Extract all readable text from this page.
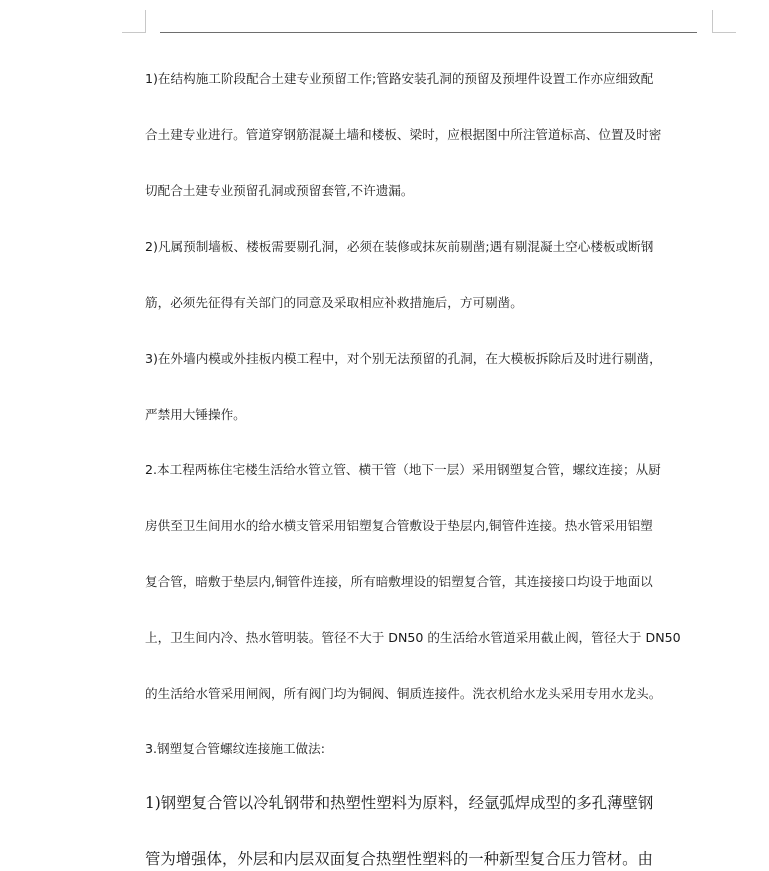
1)在结构施工阶段配合土建专业预留工作;管路安装孔洞的预留及预埋件设置工作亦应细致配
合土建专业进行。管道穿钢筋混凝土墙和楼板、梁时，应根据图中所注管道标高、位置及时密
切配合土建专业预留孔洞或预留套管,不许遗漏。
2)凡属预制墙板、楼板需要剔孔洞，必须在装修或抹灰前剔凿;遇有剔混凝土空心楼板或断钢
筋，必须先征得有关部门的同意及采取相应补救措施后，方可剔凿。
3)在外墙内模或外挂板内模工程中，对个别无法预留的孔洞，在大模板拆除后及时进行剔凿，
严禁用大锤操作。
2.本工程两栋住宅楼生活给水管立管、横干管（地下一层）采用钢塑复合管，螺纹连接；从厨
房供至卫生间用水的给水横支管采用铝塑复合管敷设于垫层内,铜管件连接。热水管采用铝塑
复合管，暗敷于垫层内,铜管件连接，所有暗敷埋设的铝塑复合管，其连接接口均设于地面以
上，卫生间内冷、热水管明装。管径不大于 DN50 的生活给水管道采用截止阀，管径大于 DN50
的生活给水管采用闸阀，所有阀门均为铜阀、铜质连接件。洗衣机给水龙头采用专用水龙头。
3.钢塑复合管螺纹连接施工做法:
1)钢塑复合管以冷轧钢带和热塑性塑料为原料，经氩弧焊成型的多孔薄壁钢
管为增强体，外层和内层双面复合热塑性塑料的一种新型复合压力管材。由
